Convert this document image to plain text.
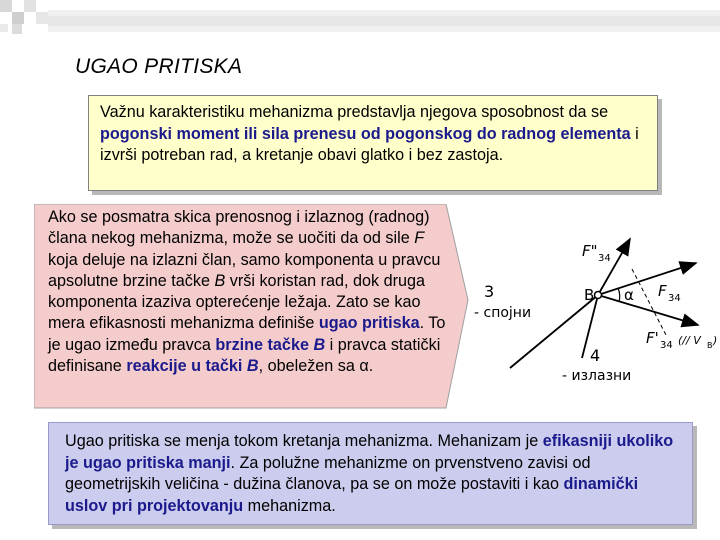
UGAO PRITISKA
Važnu karakteristiku mehanizma predstavlja njegova sposobnost da se pogonski moment ili sila prenesu od pogonskog do radnog elementa i izvrši potreban rad, a kretanje obavi glatko i bez zastoja.
Ako se posmatra skica prenosnog i izlaznog (radnog) člana nekog mehanizma, može se uočiti da od sile F koja deluje na izlazni član, samo komponenta u pravcu apsolutne brzine tačke B vrši koristan rad, dok druga komponenta izaziva opterećenje ležaja. Zato se kao mera efikasnosti mehanizma definiše ugao pritiska. To je ugao između pravca brzine tačke B i pravca statički definisane reakcije u tački B, obeležen sa α.
3
- спојни
B α
4
- излазни
F" 34
F 34
F' 34 (// V B )
Ugao pritiska se menja tokom kretanja mehanizma. Mehanizam je efikasniji ukoliko je ugao pritiska manji. Za polužne mehanizme on prvenstveno zavisi od geometrijskih veličina - dužina članova, pa se on može postaviti i kao dinamički uslov pri projektovanju mehanizma.
